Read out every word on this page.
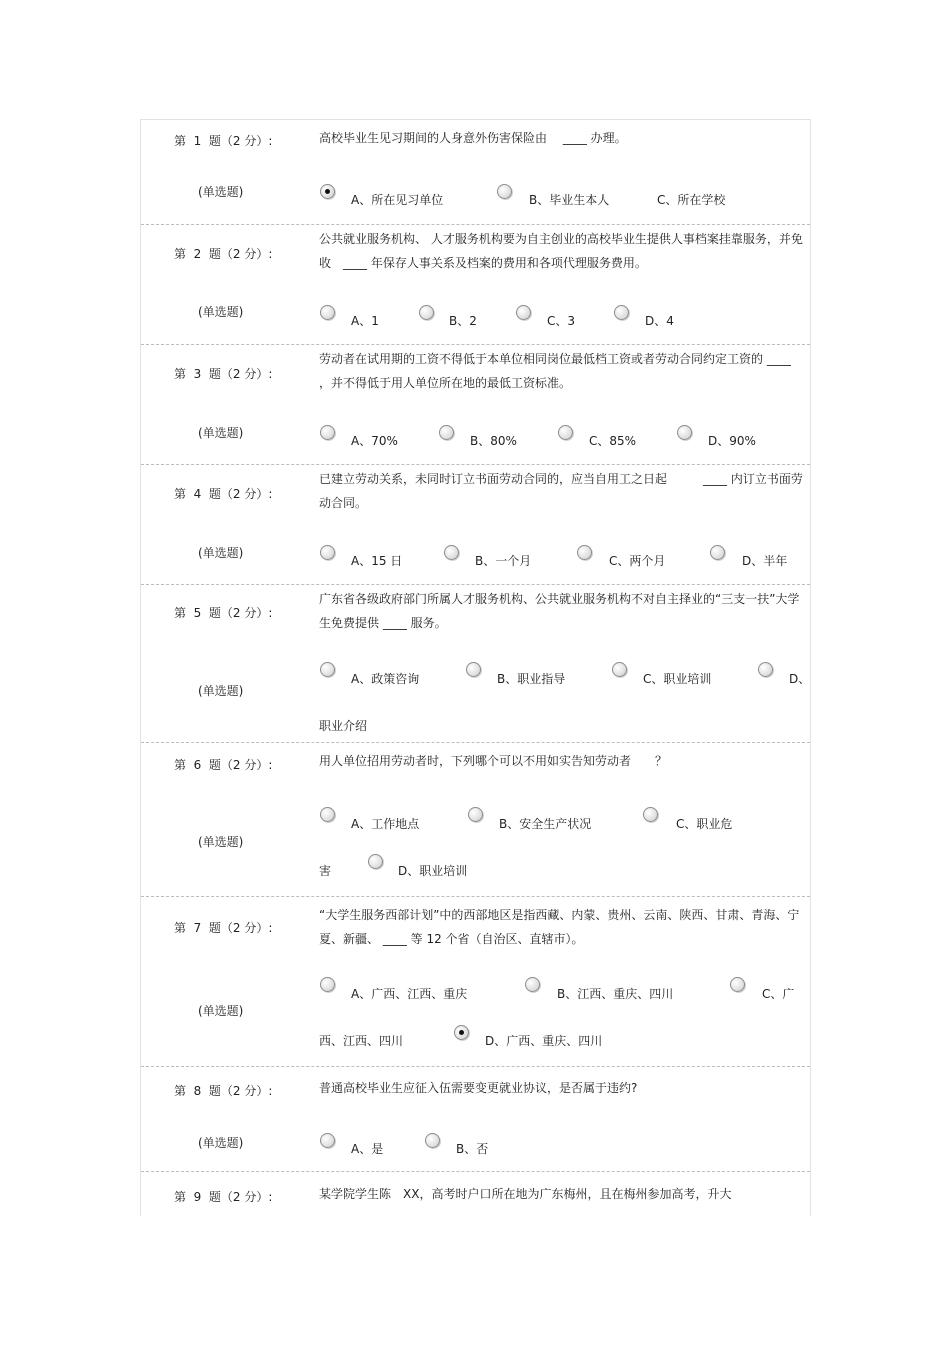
第  1  题（2 分）:	高校毕业生见习期间的人身意外伤害保险由　 ____ 办理。
(单选题)
A、所在见习单位	B、毕业生本人	C、所在学校
第  2  题（2 分）:
公共就业服务机构、 人才服务机构要为自主创业的高校毕业生提供人事档案挂靠服务，并免收　____ 年保存人事关系及档案的费用和各项代理服务费用。
(单选题)
A、1	B、2	C、3	D、4
第  3  题（2 分）:
劳动者在试用期的工资不得低于本单位相同岗位最低档工资或者劳动合同约定工资的 ____ ，并不得低于用人单位所在地的最低工资标准。
(单选题)
A、70%	B、80%	C、85%	D、90%
第  4  题（2 分）:
已建立劳动关系，未同时订立书面劳动合同的，应当自用工之日起　　　____ 内订立书面劳动合同。
(单选题)
A、15 日	B、一个月	C、两个月	D、半年
第  5  题（2 分）:
广东省各级政府部门所属人才服务机构、公共就业服务机构不对自主择业的“三支一扶”大学生免费提供 ____ 服务。
(单选题)
A、政策咨询	B、职业指导	C、职业培训	D、
职业介绍
第  6  题（2 分）:	用人单位招用劳动者时，下列哪个可以不用如实告知劳动者　　？
(单选题)
A、工作地点	B、安全生产状况	C、职业危
害	D、职业培训
第  7  题（2 分）:
“大学生服务西部计划”中的西部地区是指西藏、内蒙、贵州、云南、陕西、甘肃、青海、宁夏、新疆、 ____ 等 12 个省（自治区、直辖市）。
(单选题)
A、广西、江西、重庆	B、江西、重庆、四川	C、广
西、江西、四川	D、广西、重庆、四川
第  8  题（2 分）:	普通高校毕业生应征入伍需要变更就业协议，是否属于违约?
(单选题)	A、是	B、否
第  9  题（2 分）:	某学院学生陈　XX，高考时户口所在地为广东梅州，且在梅州参加高考，升大
